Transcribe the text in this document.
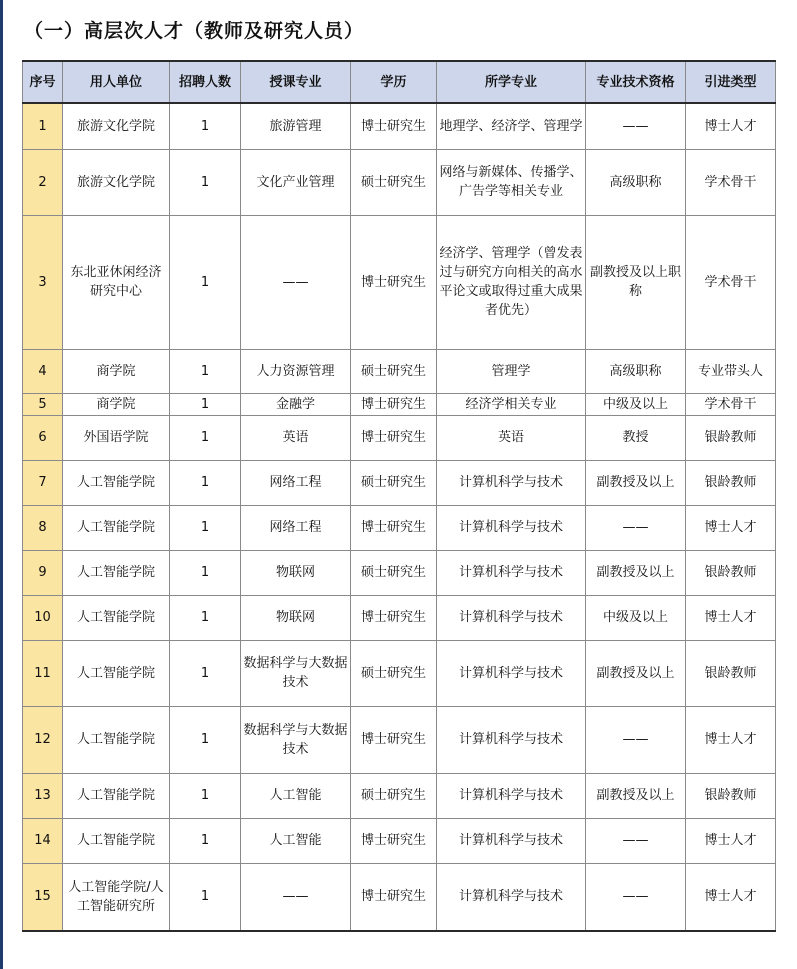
（一）高层次人才（教师及研究人员）
序号	用人单位	招聘人数	授课专业	学历	所学专业	专业技术资格	引进类型
1	旅游文化学院	1	旅游管理	博士研究生	地理学、经济学、管理学	——	博士人才
2	旅游文化学院	1	文化产业管理	硕士研究生	网络与新媒体、传播学、广告学等相关专业	高级职称	学术骨干
3	东北亚休闲经济研究中心	1	——	博士研究生	经济学、管理学（曾发表过与研究方向相关的高水平论文或取得过重大成果者优先）	副教授及以上职称	学术骨干
4	商学院	1	人力资源管理	硕士研究生	管理学	高级职称	专业带头人
5	商学院	1	金融学	博士研究生	经济学相关专业	中级及以上	学术骨干
6	外国语学院	1	英语	博士研究生	英语	教授	银龄教师
7	人工智能学院	1	网络工程	硕士研究生	计算机科学与技术	副教授及以上	银龄教师
8	人工智能学院	1	网络工程	博士研究生	计算机科学与技术	——	博士人才
9	人工智能学院	1	物联网	硕士研究生	计算机科学与技术	副教授及以上	银龄教师
10	人工智能学院	1	物联网	博士研究生	计算机科学与技术	中级及以上	博士人才
11	人工智能学院	1	数据科学与大数据技术	硕士研究生	计算机科学与技术	副教授及以上	银龄教师
12	人工智能学院	1	数据科学与大数据技术	博士研究生	计算机科学与技术	——	博士人才
13	人工智能学院	1	人工智能	硕士研究生	计算机科学与技术	副教授及以上	银龄教师
14	人工智能学院	1	人工智能	博士研究生	计算机科学与技术	——	博士人才
15	人工智能学院/人工智能研究所	1	——	博士研究生	计算机科学与技术	——	博士人才
